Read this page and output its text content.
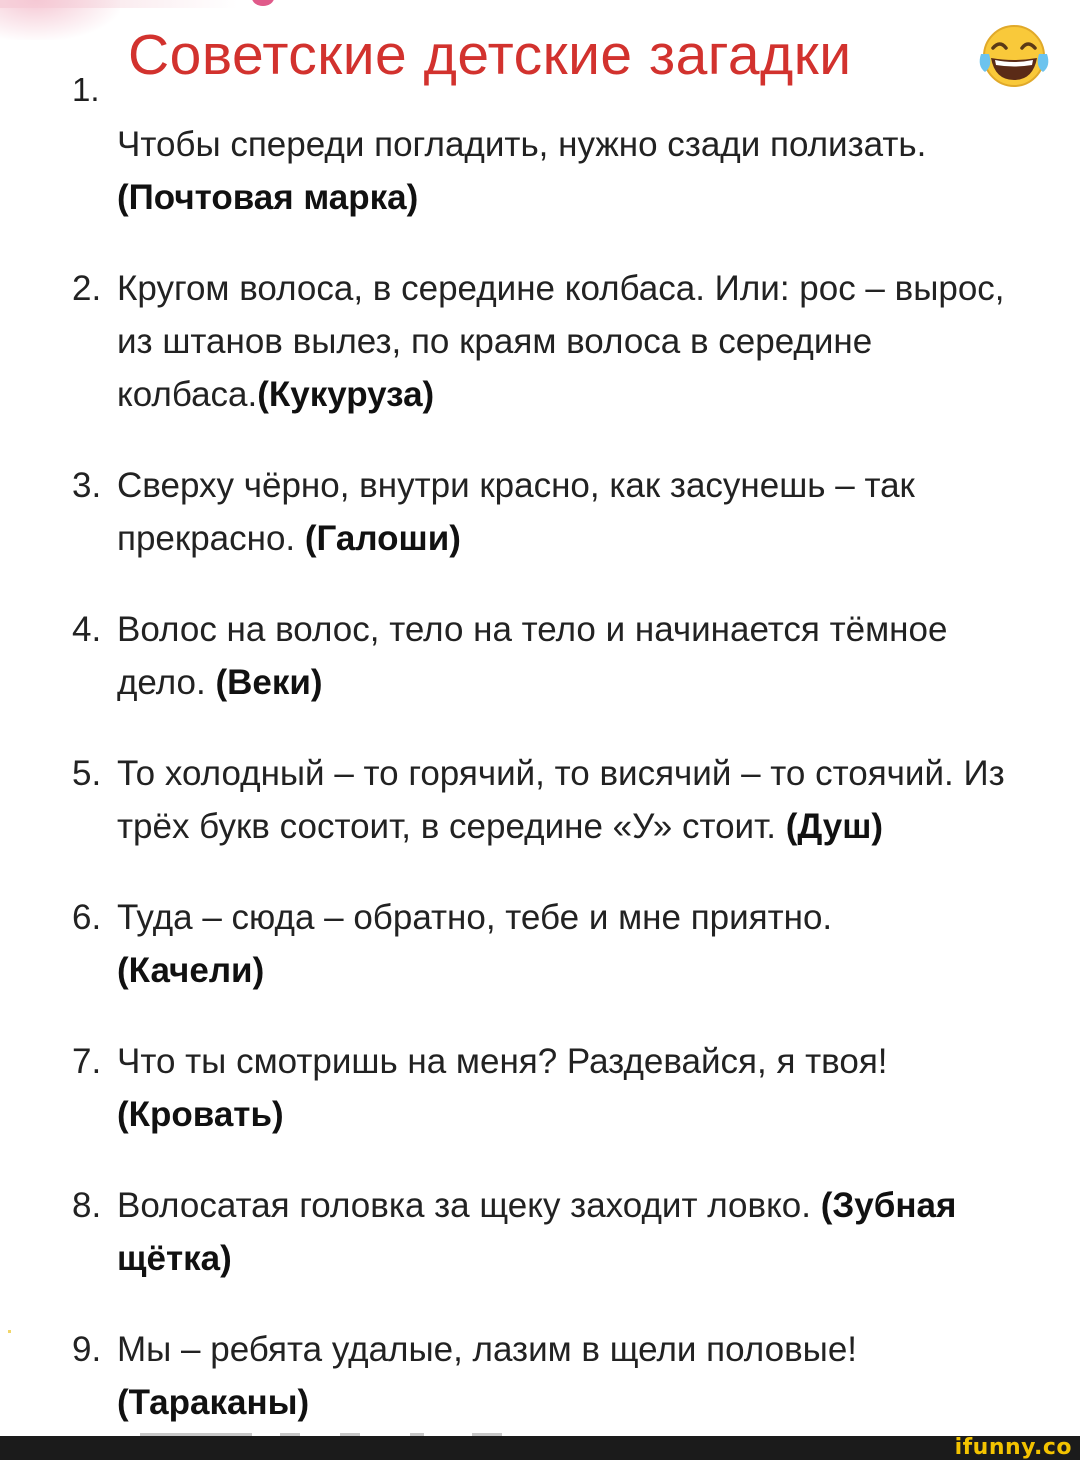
1.
Советские детские загадки
Чтобы спереди погладить, нужно сзади полизать.
(Почтовая марка)
2. Кругом волоса, в середине колбаса. Или: рос – вырос, из штанов вылез, по краям волоса в середине колбаса.(Кукуруза)
3. Сверху чёрно, внутри красно, как засунешь – так прекрасно. (Галоши)
4. Волос на волос, тело на тело и начинается тёмное дело. (Веки)
5. То холодный – то горячий, то висячий – то стоячий. Из трёх букв состоит, в середине «У» стоит. (Душ)
6. Туда – сюда – обратно, тебе и мне приятно.
(Качели)
7. Что ты смотришь на меня? Раздевайся, я твоя!
(Кровать)
8. Волосатая головка за щеку заходит ловко. (Зубная щётка)
9. Мы – ребята удалые, лазим в щели половые!
(Тараканы)
ifunny.co
